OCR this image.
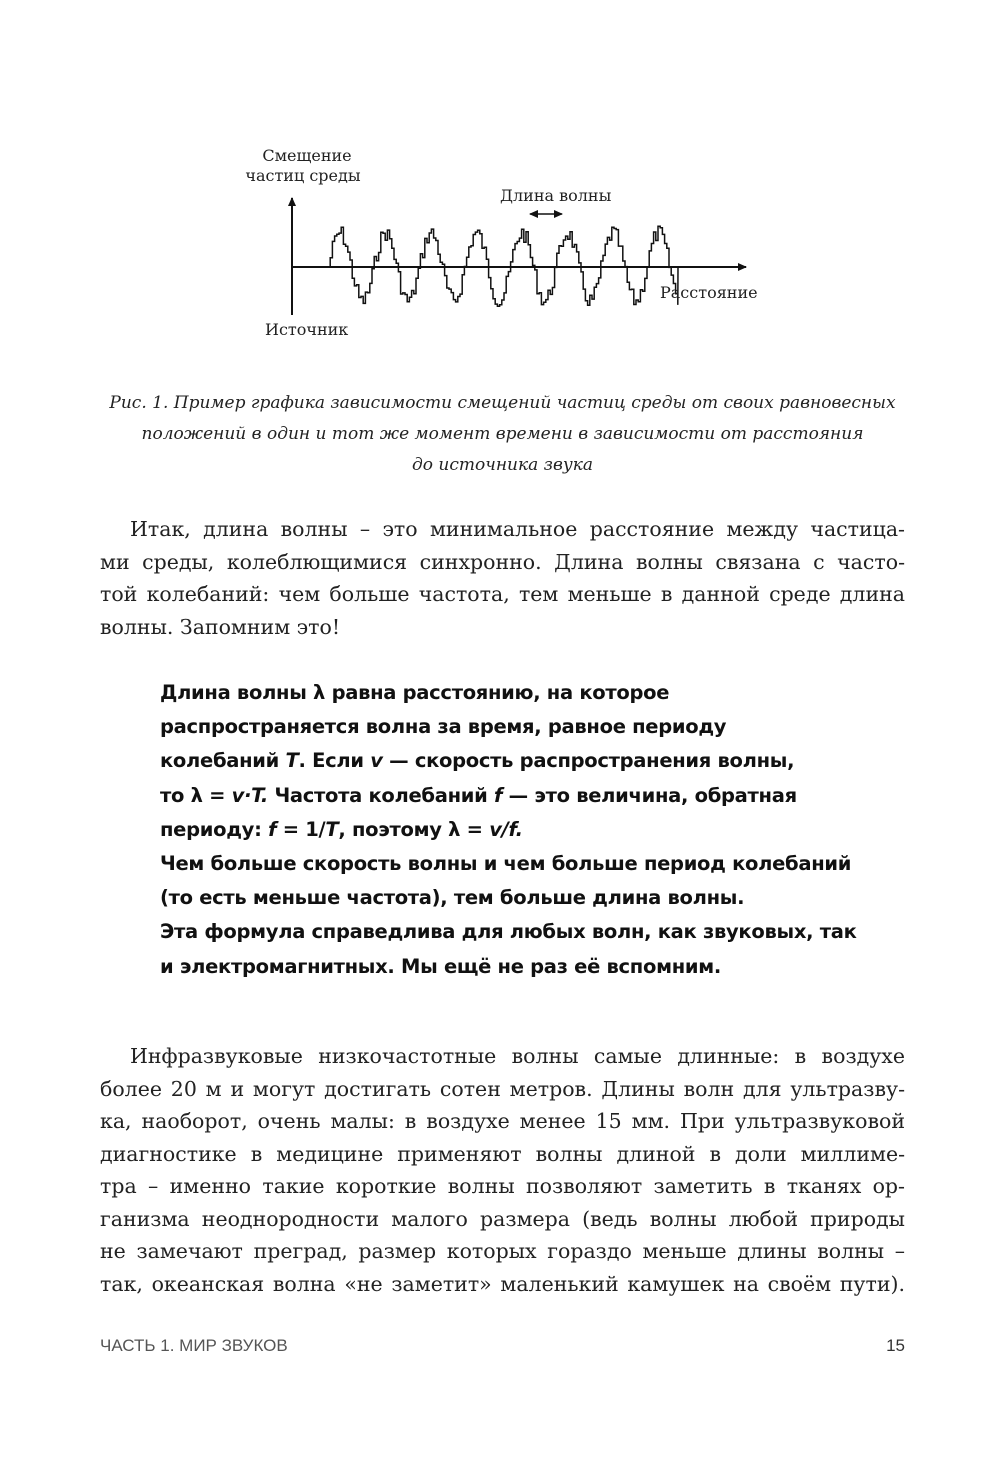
Смещение
частиц среды
Длина волны
Расстояние
Источник
Рис. 1. Пример графика зависимости смещений частиц среды от своих равновесных
положений в один и тот же момент времени в зависимости от расстояния
до источника звука
Итак, длина волны – это минимальное расстояние между частица-
ми среды, колеблющимися синхронно. Длина волны связана с часто-
той колебаний: чем больше частота, тем меньше в данной среде длина
волны. Запомним это!
Длина волны λ равна расстоянию, на которое
распространяется волна за время, равное периоду
колебаний T. Если v — скорость распространения волны,
то λ = v·T. Частота колебаний f — это величина, обратная
периоду: f = 1/T, поэтому λ = v/f.
Чем больше скорость волны и чем больше период колебаний
(то есть меньше частота), тем больше длина волны.
Эта формула справедлива для любых волн, как звуковых, так
и электромагнитных. Мы ещё не раз её вспомним.
Инфразвуковые низкочастотные волны самые длинные: в воздухе
более 20 м и могут достигать сотен метров. Длины волн для ультразву-
ка, наоборот, очень малы: в воздухе менее 15 мм. При ультразвуковой
диагностике в медицине применяют волны длиной в доли миллиме-
тра – именно такие короткие волны позволяют заметить в тканях ор-
ганизма неоднородности малого размера (ведь волны любой природы
не замечают преград, размер которых гораздо меньше длины волны –
так, океанская волна «не заметит» маленький камушек на своём пути).
ЧАСТЬ 1. МИР ЗВУКОВ	15
